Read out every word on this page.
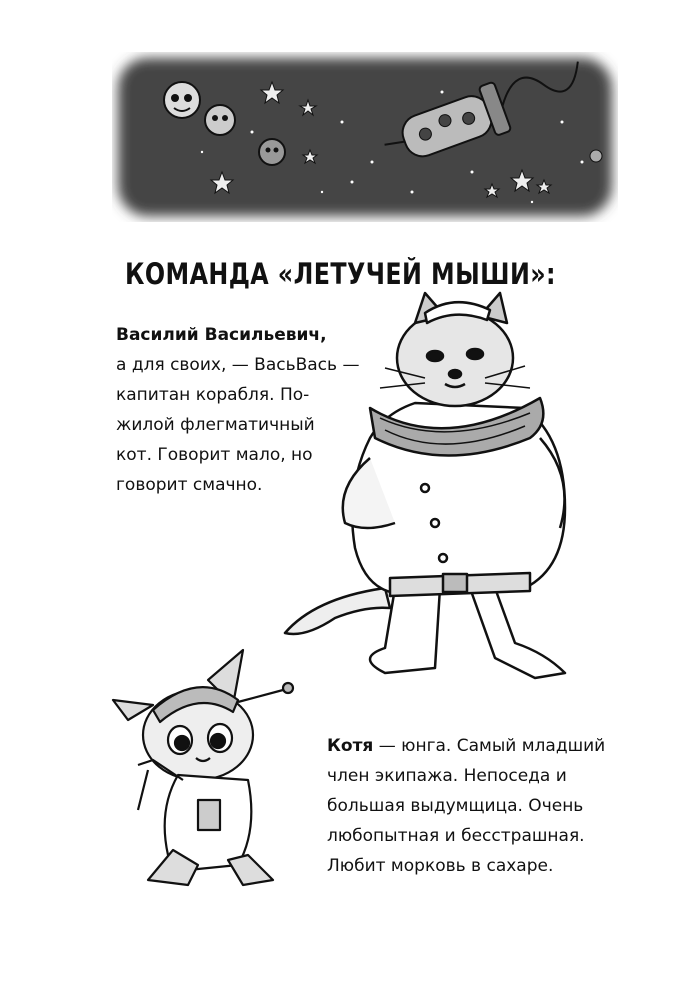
КОМАНДА «ЛЕТУЧЕЙ МЫШИ»:
Василий Васильевич,
а для своих, — ВасьВась —
капитан корабля. По-
жилой флегматичный
кот. Говорит мало, но
говорит смачно.
Котя — юнга. Самый младший
член экипажа. Непоседа и
большая выдумщица. Очень
любопытная и бесстрашная.
Любит морковь в сахаре.
